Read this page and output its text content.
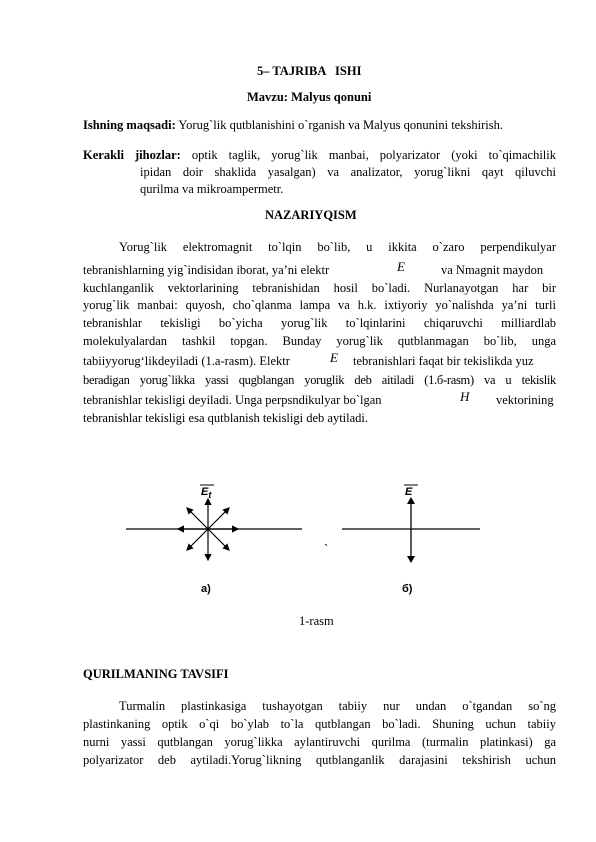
5– TAJRIBA   ISHI
Mavzu: Malyus qonuni
Ishning maqsadi: Yorug`lik qutblanishini o`rganish va Malyus qonunini tekshirish.
Kerakli jihozlar: optik taglik, yorug`lik manbai, polyarizator (yoki to`qimachilik
ipidan doir shaklida yasalgan) va analizator, yorug`likni qayt qiluvchi
qurilma va mikroampermetr.
NAZARIYQISM
Yorug`lik elektromagnit to`lqin bo`lib, u ikkita o`zaro perpendikulyar
tebranishlarning yig`indisidan iborat, ya’ni elektr	E	va Nmagnit maydon
kuchlanganlik vektorlarining tebranishidan hosil bo`ladi. Nurlanayotgan har bir
yorug`lik manbai: quyosh, cho`qlanma lampa va h.k. ixtiyoriy yo`nalishda ya’ni turli
tebranishlar tekisligi bo`yicha yorug`lik to`lqinlarini chiqaruvchi milliardlab
molekulyalardan tashkil topgan. Bunday yorug`lik qutblanmagan bo`lib, unga
tabiiyyorug‘likdeyiladi (1.a-rasm). Elektr	E tebranishlari faqat bir tekislikda yuz
beradigan yorug`likka yassi qugblangan yoruglik deb aitiladi (1.б-rasm) va u tekislik
tebranishlar tekisligi deyiladi. Unga perpsndikulyar bo`lgan	H vektorining
tebranishlar tekisligi esa qutblanish tekisligi deb aytiladi.
$E_t$	E
`
a)	б)
1-rasm
QURILMANING TAVSIFI
Turmalin plastinkasiga tushayotgan tabiiy nur undan o`tgandan so`ng
plastinkaning optik o`qi bo`ylab to`la qutblangan bo`ladi. Shuning uchun tabiiy
nurni yassi qutblangan yorug`likka aylantiruvchi qurilma (turmalin platinkasi) ga
polyarizator deb aytiladi.Yorug`likning qutblanganlik darajasini tekshirish uchun
